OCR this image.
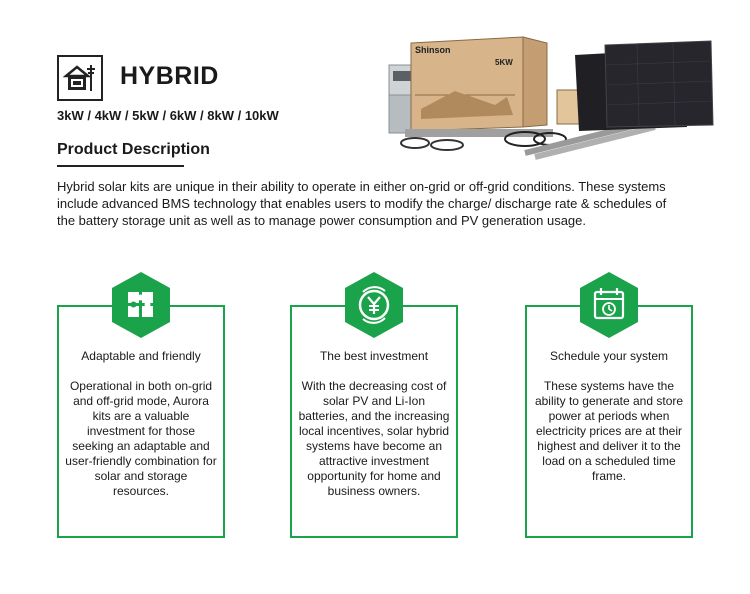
HYBRID
3kW / 4kW / 5kW / 6kW / 8kW / 10kW
Shinson
5KW
Product Description
Hybrid solar kits are unique in their ability to operate in either on-grid or off-grid conditions. These systems include advanced BMS technology that enables users to modify the charge/ discharge rate & schedules of the battery storage unit as well as to manage power consumption and PV generation usage.
Adaptable and friendly
Operational in both on-grid and off-grid mode, Aurora kits are a valuable investment for those seeking an adaptable and user-friendly combination for solar and storage resources.
The best investment
With the decreasing cost of solar PV and Li-Ion batteries, and the increasing local incentives, solar hybrid systems have become an attractive investment opportunity for home and business owners.
Schedule your system
These systems have the ability to generate and store power at periods when electricity prices are at their highest and deliver it to the load on a scheduled time frame.
